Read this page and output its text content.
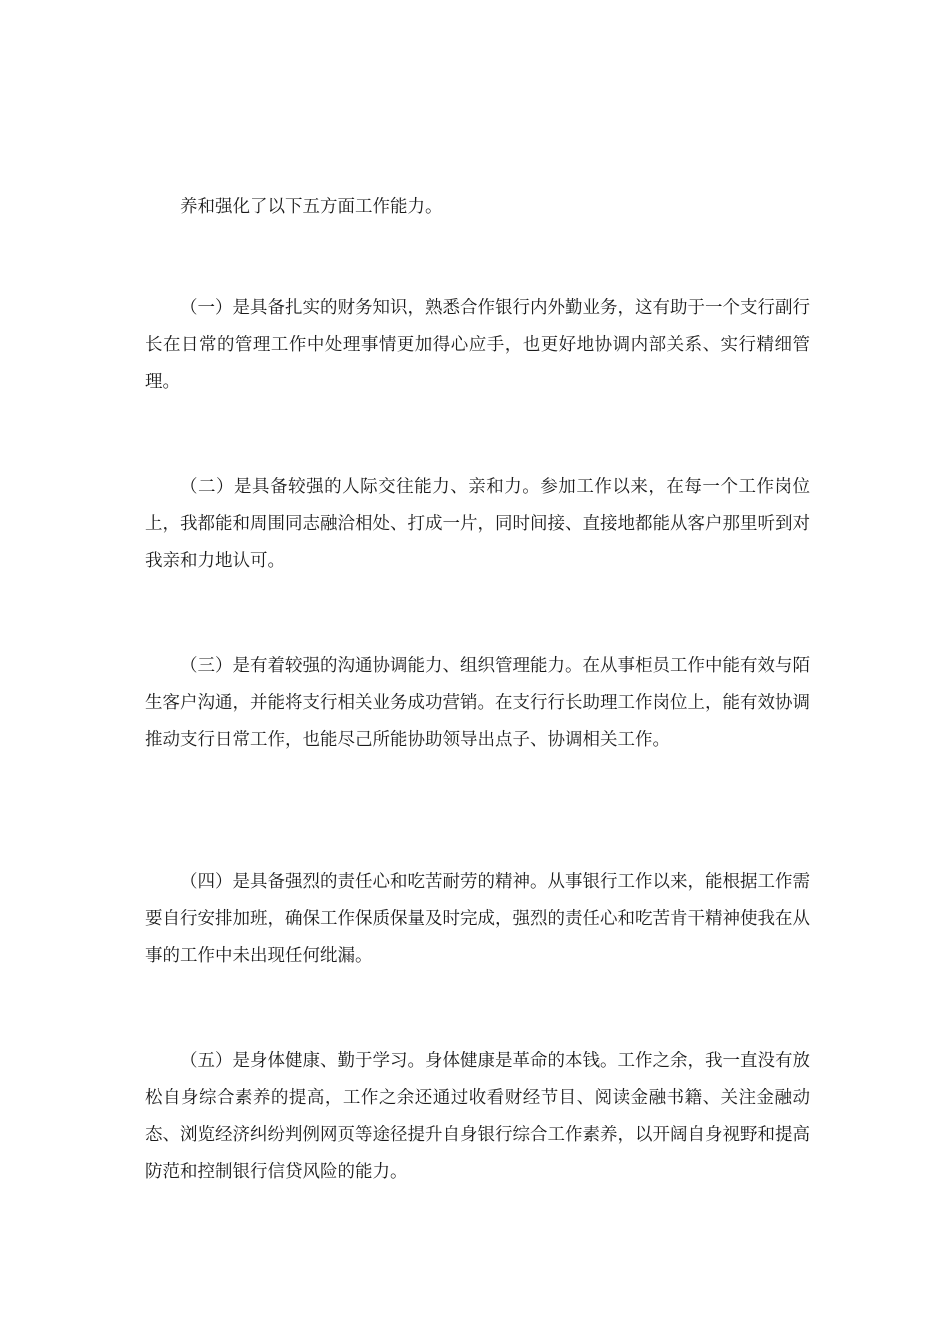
养和强化了以下五方面工作能力。

（一）是具备扎实的财务知识，熟悉合作银行内外勤业务，这有助于一个支行副行长在日常的管理工作中处理事情更加得心应手，也更好地协调内部关系、实行精细管理。

（二）是具备较强的人际交往能力、亲和力。参加工作以来，在每一个工作岗位上，我都能和周围同志融洽相处、打成一片，同时间接、直接地都能从客户那里听到对我亲和力地认可。

（三）是有着较强的沟通协调能力、组织管理能力。在从事柜员工作中能有效与陌生客户沟通，并能将支行相关业务成功营销。在支行行长助理工作岗位上，能有效协调推动支行日常工作，也能尽己所能协助领导出点子、协调相关工作。

（四）是具备强烈的责任心和吃苦耐劳的精神。从事银行工作以来，能根据工作需要自行安排加班，确保工作保质保量及时完成，强烈的责任心和吃苦肯干精神使我在从事的工作中未出现任何纰漏。

（五）是身体健康、勤于学习。身体健康是革命的本钱。工作之余，我一直没有放松自身综合素养的提高，工作之余还通过收看财经节目、阅读金融书籍、关注金融动态、浏览经济纠纷判例网页等途径提升自身银行综合工作素养，以开阔自身视野和提高防范和控制银行信贷风险的能力。
